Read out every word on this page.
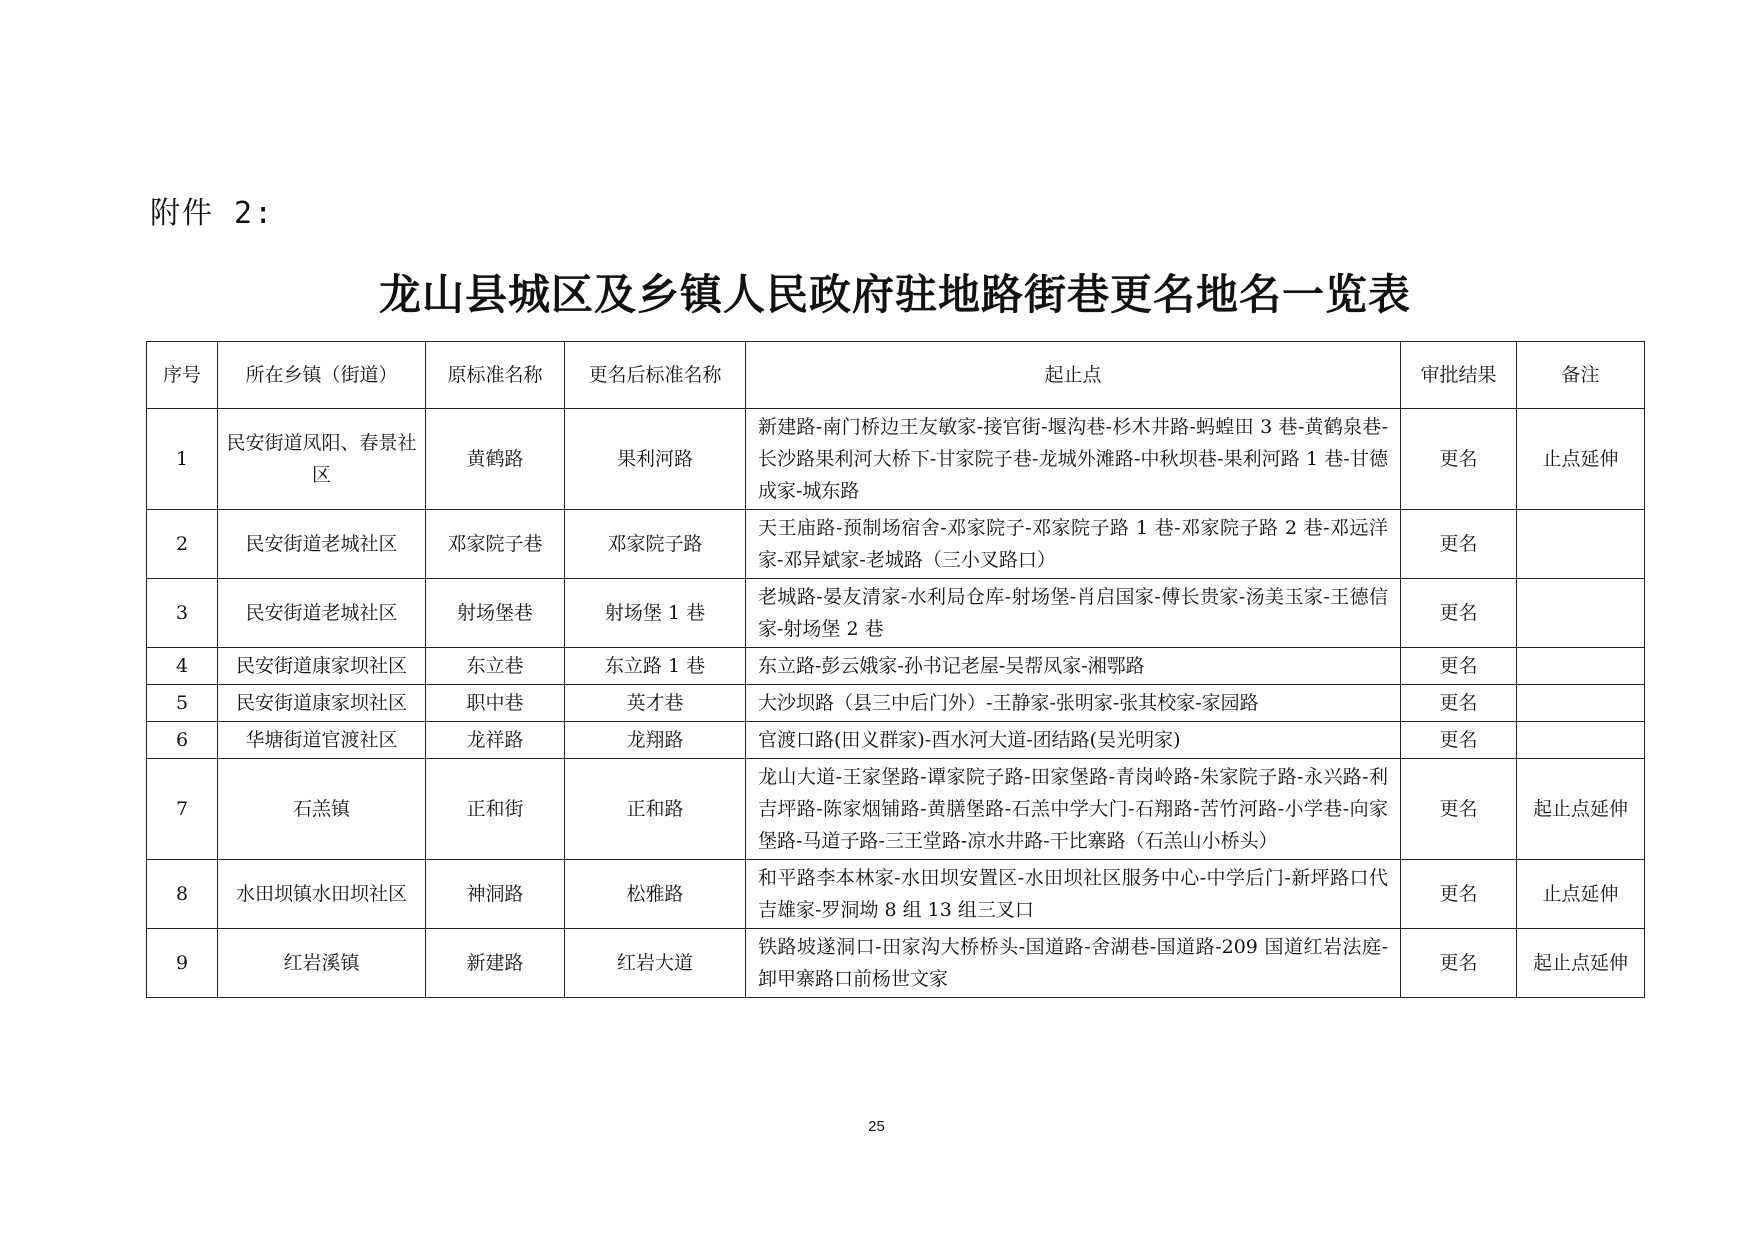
附件 2:
龙山县城区及乡镇人民政府驻地路街巷更名地名一览表
序号	所在乡镇（街道）	原标准名称	更名后标准名称	起止点	审批结果	备注
1	民安街道凤阳、春景社区	黄鹤路	果利河路	新建路-南门桥边王友敏家-接官街-堰沟巷-杉木井路-蚂蝗田 3 巷-黄鹤泉巷-长沙路果利河大桥下-甘家院子巷-龙城外滩路-中秋坝巷-果利河路 1 巷-甘德成家-城东路	更名	止点延伸
2	民安街道老城社区	邓家院子巷	邓家院子路	天王庙路-预制场宿舍-邓家院子-邓家院子路 1 巷-邓家院子路 2 巷-邓远洋家-邓异斌家-老城路（三小叉路口）	更名	
3	民安街道老城社区	射场堡巷	射场堡 1 巷	老城路-晏友清家-水利局仓库-射场堡-肖启国家-傅长贵家-汤美玉家-王德信家-射场堡 2 巷	更名	
4	民安街道康家坝社区	东立巷	东立路 1 巷	东立路-彭云娥家-孙书记老屋-吴帮凤家-湘鄂路	更名	
5	民安街道康家坝社区	职中巷	英才巷	大沙坝路（县三中后门外）-王静家-张明家-张其校家-家园路	更名	
6	华塘街道官渡社区	龙祥路	龙翔路	官渡口路(田义群家)-酉水河大道-团结路(吴光明家)	更名	
7	石羔镇	正和街	正和路	龙山大道-王家堡路-谭家院子路-田家堡路-青岗岭路-朱家院子路-永兴路-利吉坪路-陈家烟铺路-黄膳堡路-石羔中学大门-石翔路-苦竹河路-小学巷-向家堡路-马道子路-三王堂路-凉水井路-干比寨路（石羔山小桥头）	更名	起止点延伸
8	水田坝镇水田坝社区	神洞路	松雅路	和平路李本林家-水田坝安置区-水田坝社区服务中心-中学后门-新坪路口代吉雄家-罗洞坳 8 组 13 组三叉口	更名	止点延伸
9	红岩溪镇	新建路	红岩大道	铁路坡遂洞口-田家沟大桥桥头-国道路-舍湖巷-国道路-209 国道红岩法庭-卸甲寨路口前杨世文家	更名	起止点延伸
25
